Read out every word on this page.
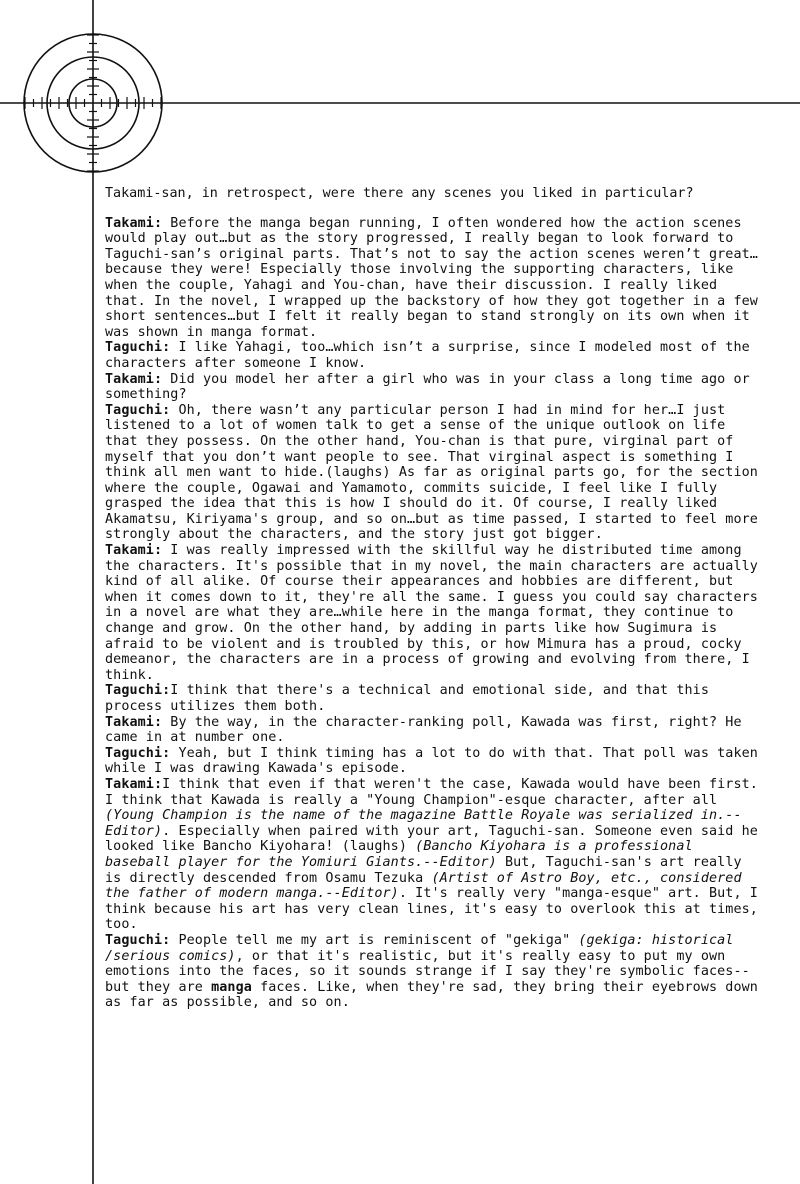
Takami-san, in retrospect, were there any scenes you liked in particular?

Takami: Before the manga began running, I often wondered how the action scenes would play out…but as the story progressed, I really began to look forward to Taguchi-san’s original parts. That’s not to say the action scenes weren’t great…because they were! Especially those involving the supporting characters, like when the couple, Yahagi and You-chan, have their discussion. I really liked that. In the novel, I wrapped up the backstory of how they got together in a few short sentences…but I felt it really began to stand strongly on its own when it was shown in manga format.

Taguchi: I like Yahagi, too…which isn’t a surprise, since I modeled most of the characters after someone I know.

Takami: Did you model her after a girl who was in your class a long time ago or something?

Taguchi: Oh, there wasn’t any particular person I had in mind for her…I just listened to a lot of women talk to get a sense of the unique outlook on life that they possess. On the other hand, You-chan is that pure, virginal part of myself that you don’t want people to see. That virginal aspect is something I think all men want to hide.(laughs) As far as original parts go, for the section where the couple, Ogawai and Yamamoto, commits suicide, I feel like I fully grasped the idea that this is how I should do it. Of course, I really liked Akamatsu, Kiriyama's group, and so on…but as time passed, I started to feel more strongly about the characters, and the story just got bigger.

Takami: I was really impressed with the skillful way he distributed time among the characters. It's possible that in my novel, the main characters are actually kind of all alike. Of course their appearances and hobbies are different, but when it comes down to it, they're all the same. I guess you could say characters in a novel are what they are…while here in the manga format, they continue to change and grow. On the other hand, by adding in parts like how Sugimura is afraid to be violent and is troubled by this, or how Mimura has a proud, cocky demeanor, the characters are in a process of growing and evolving from there, I think.

Taguchi:I think that there's a technical and emotional side, and that this process utilizes them both.

Takami: By the way, in the character-ranking poll, Kawada was first, right? He came in at number one.

Taguchi: Yeah, but I think timing has a lot to do with that. That poll was taken while I was drawing Kawada's episode.

Takami:I think that even if that weren't the case, Kawada would have been first. I think that Kawada is really a "Young Champion"-esque character, after all (Young Champion is the name of the magazine Battle Royale was serialized in.--Editor). Especially when paired with your art, Taguchi-san. Someone even said he looked like Bancho Kiyohara! (laughs) (Bancho Kiyohara is a professional baseball player for the Yomiuri Giants.--Editor) But, Taguchi-san's art really is directly descended from Osamu Tezuka (Artist of Astro Boy, etc., considered the father of modern manga.--Editor). It's really very "manga-esque" art. But, I think because his art has very clean lines, it's easy to overlook this at times, too.

Taguchi: People tell me my art is reminiscent of "gekiga" (gekiga: historical /serious comics), or that it's realistic, but it's really easy to put my own emotions into the faces, so it sounds strange if I say they're symbolic faces--but they are manga faces. Like, when they're sad, they bring their eyebrows down as far as possible, and so on.
